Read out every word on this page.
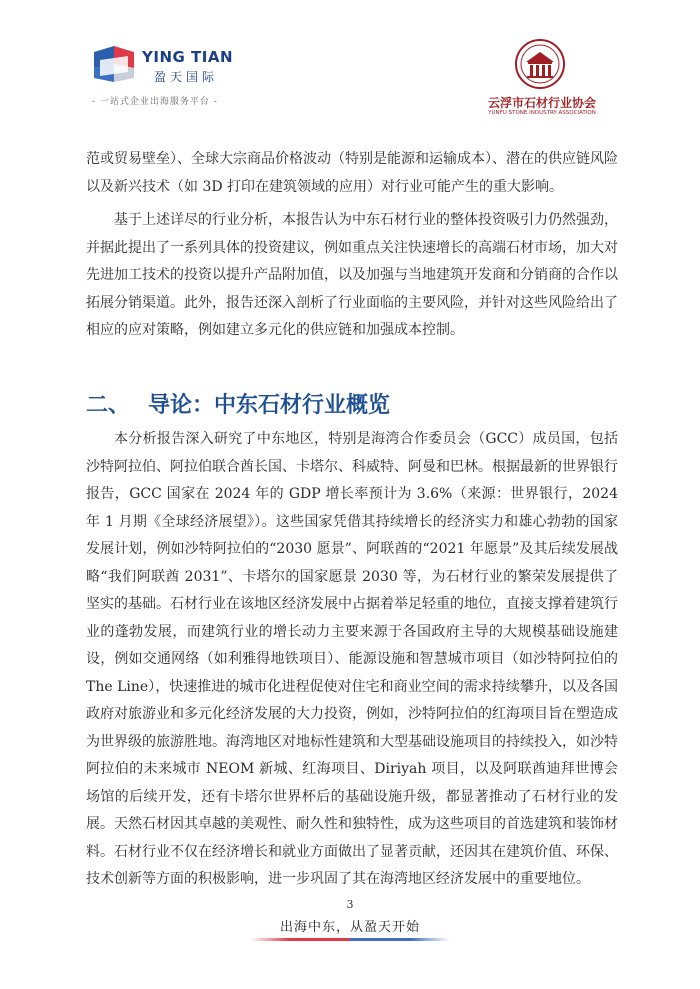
YING TIAN
盈天国际
- 一站式企业出海服务平台 -	云浮市石材行业协会
YUNFU STONE INDUSTRY ASSOCIATION

范或贸易壁垒）、全球大宗商品价格波动（特别是能源和运输成本）、潜在的供应链风险以及新兴技术（如 3D 打印在建筑领域的应用）对行业可能产生的重大影响。

基于上述详尽的行业分析，本报告认为中东石材行业的整体投资吸引力仍然强劲，并据此提出了一系列具体的投资建议，例如重点关注快速增长的高端石材市场，加大对先进加工技术的投资以提升产品附加值，以及加强与当地建筑开发商和分销商的合作以拓展分销渠道。此外，报告还深入剖析了行业面临的主要风险，并针对这些风险给出了相应的应对策略，例如建立多元化的供应链和加强成本控制。

二、 导论：中东石材行业概览

本分析报告深入研究了中东地区，特别是海湾合作委员会（GCC）成员国，包括沙特阿拉伯、阿拉伯联合酋长国、卡塔尔、科威特、阿曼和巴林。根据最新的世界银行报告，GCC 国家在 2024 年的 GDP 增长率预计为 3.6%（来源：世界银行，2024 年 1 月期《全球经济展望》）。这些国家凭借其持续增长的经济实力和雄心勃勃的国家发展计划，例如沙特阿拉伯的“2030 愿景”、阿联酋的“2021 年愿景”及其后续发展战略“我们阿联酋 2031”、卡塔尔的国家愿景 2030 等，为石材行业的繁荣发展提供了坚实的基础。石材行业在该地区经济发展中占据着举足轻重的地位，直接支撑着建筑行业的蓬勃发展，而建筑行业的增长动力主要来源于各国政府主导的大规模基础设施建设，例如交通网络（如利雅得地铁项目）、能源设施和智慧城市项目（如沙特阿拉伯的 The Line），快速推进的城市化进程促使对住宅和商业空间的需求持续攀升，以及各国政府对旅游业和多元化经济发展的大力投资，例如，沙特阿拉伯的红海项目旨在塑造成为世界级的旅游胜地。海湾地区对地标性建筑和大型基础设施项目的持续投入，如沙特阿拉伯的未来城市 NEOM 新城、红海项目、Diriyah 项目，以及阿联酋迪拜世博会场馆的后续开发，还有卡塔尔世界杯后的基础设施升级，都显著推动了石材行业的发展。天然石材因其卓越的美观性、耐久性和独特性，成为这些项目的首选建筑和装饰材料。石材行业不仅在经济增长和就业方面做出了显著贡献，还因其在建筑价值、环保、技术创新等方面的积极影响，进一步巩固了其在海湾地区经济发展中的重要地位。

3
出海中东，从盈天开始
